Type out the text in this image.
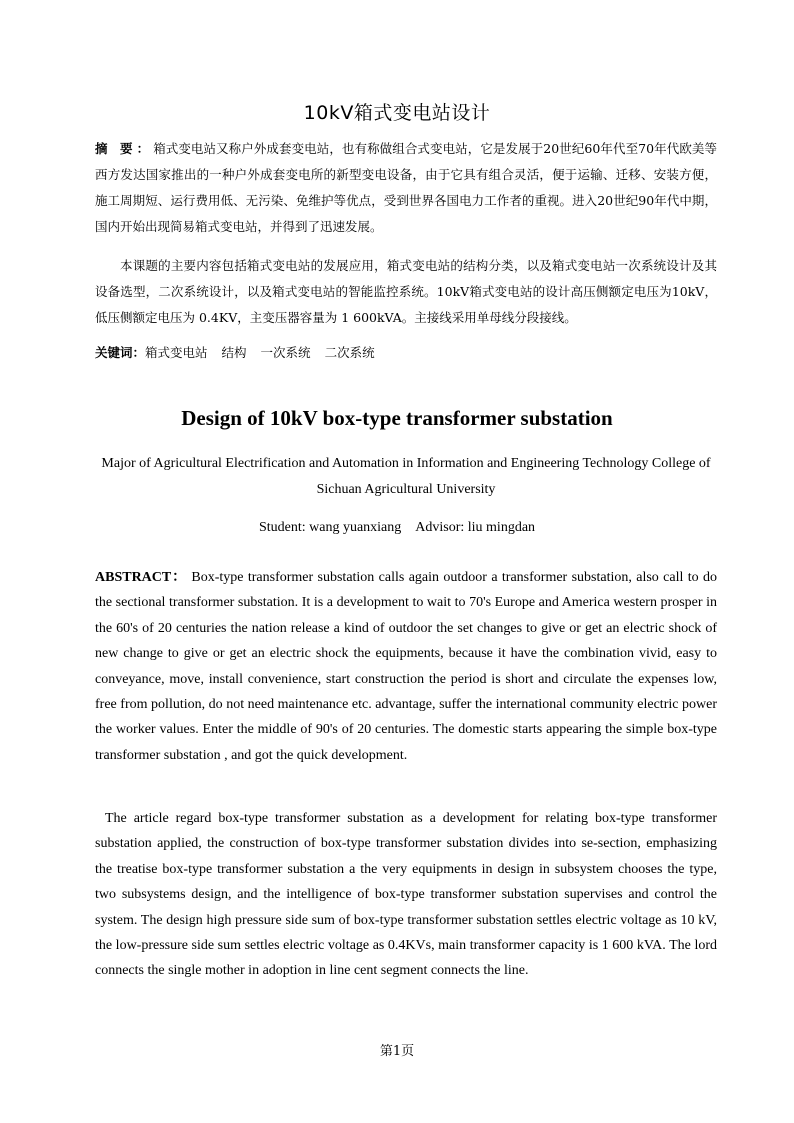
10kV箱式变电站设计

摘 要：箱式变电站又称户外成套变电站，也有称做组合式变电站，它是发展于20世纪60年代至70年代欧美等西方发达国家推出的一种户外成套变电所的新型变电设备，由于它具有组合灵活，便于运输、迁移、安装方便，施工周期短、运行费用低、无污染、免维护等优点，受到世界各国电力工作者的重视。进入20世纪90年代中期，国内开始出现简易箱式变电站，并得到了迅速发展。

本课题的主要内容包括箱式变电站的发展应用，箱式变电站的结构分类，以及箱式变电站一次系统设计及其设备选型，二次系统设计，以及箱式变电站的智能监控系统。10kV箱式变电站的设计高压侧额定电压为10kV，低压侧额定电压为 0.4KV，主变压器容量为 1 600kVA。主接线采用单母线分段接线。

关键词：箱式变电站 结构 一次系统 二次系统

Design of 10kV box-type transformer substation

Major of Agricultural Electrification and Automation in Information and Engineering Technology College of Sichuan Agricultural University

Student: wang yuanxiang Advisor: liu mingdan

ABSTRACT： Box-type transformer substation calls again outdoor a transformer substation, also call to do the sectional transformer substation. It is a development to wait to 70's Europe and America western prosper in the 60's of 20 centuries the nation release a kind of outdoor the set changes to give or get an electric shock of new change to give or get an electric shock the equipments, because it have the combination vivid, easy to conveyance, move, install convenience, start construction the period is short and circulate the expenses low, free from pollution, do not need maintenance etc. advantage, suffer the international community electric power the worker values. Enter the middle of 90's of 20 centuries. The domestic starts appearing the simple box-type transformer substation , and got the quick development.

The article regard box-type transformer substation as a development for relating box-type transformer substation applied, the construction of box-type transformer substation divides into se-section, emphasizing the treatise box-type transformer substation a the very equipments in design in subsystem chooses the type, two subsystems design, and the intelligence of box-type transformer substation supervises and control the system. The design high pressure side sum of box-type transformer substation settles electric voltage as 10 kV, the low-pressure side sum settles electric voltage as 0.4KVs, main transformer capacity is 1 600 kVA. The lord connects the single mother in adoption in line cent segment connects the line.

第1页
